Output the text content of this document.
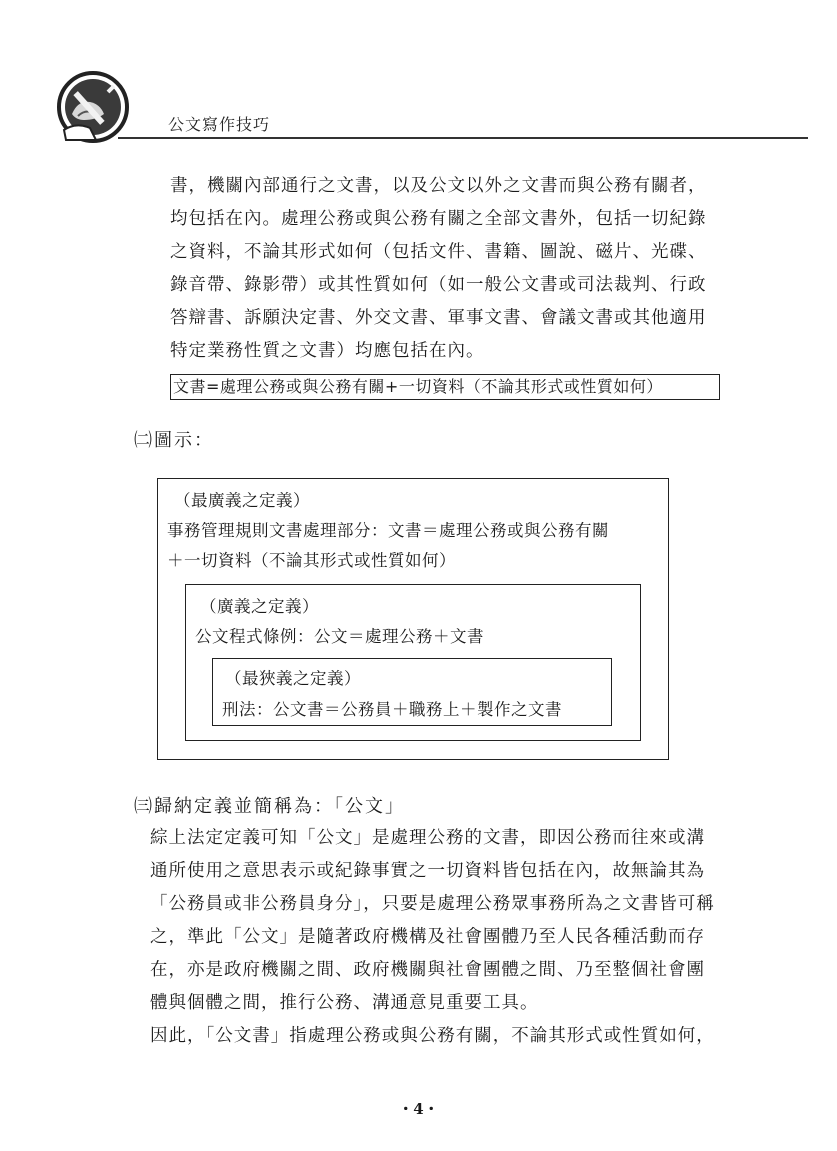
公文寫作技巧

書，機關內部通行之文書，以及公文以外之文書而與公務有關者，

均包括在內。處理公務或與公務有關之全部文書外，包括一切紀錄

之資料，不論其形式如何（包括文件、書籍、圖說、磁片、光碟、

錄音帶、錄影帶）或其性質如何（如一般公文書或司法裁判、行政

答辯書、訴願決定書、外交文書、軍事文書、會議文書或其他適用

特定業務性質之文書）均應包括在內。

文書=處理公務或與公務有關+一切資料（不論其形式或性質如何）
㈡圖示：
（最廣義之定義）
事務管理規則文書處理部分：文書＝處理公務或與公務有關
＋一切資料（不論其形式或性質如何）
（廣義之定義）
公文程式條例：公文＝處理公務＋文書
（最狹義之定義）
刑法：公文書＝公務員＋職務上＋製作之文書
㈢歸納定義並簡稱為：「公文」

綜上法定定義可知「公文」是處理公務的文書，即因公務而往來或溝

通所使用之意思表示或紀錄事實之一切資料皆包括在內，故無論其為

「公務員或非公務員身分」，只要是處理公務眾事務所為之文書皆可稱

之，準此「公文」是隨著政府機構及社會團體乃至人民各種活動而存

在，亦是政府機關之間、政府機關與社會團體之間、乃至整個社會團

體與個體之間，推行公務、溝通意見重要工具。

因此，「公文書」指處理公務或與公務有關，不論其形式或性質如何，

・4・
